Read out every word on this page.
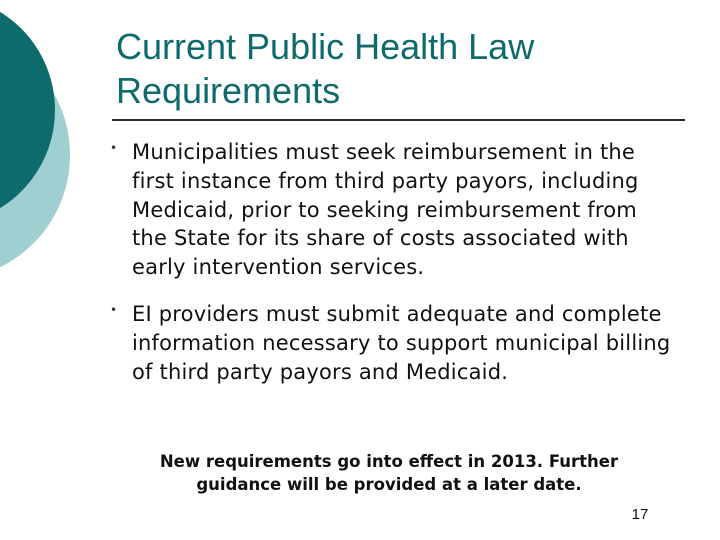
Current Public Health Law Requirements
• Municipalities must seek reimbursement in the first instance from third party payors, including Medicaid, prior to seeking reimbursement from the State for its share of costs associated with early intervention services.
• EI providers must submit adequate and complete information necessary to support municipal billing of third party payors and Medicaid.
New requirements go into effect in 2013. Further guidance will be provided at a later date.
17
